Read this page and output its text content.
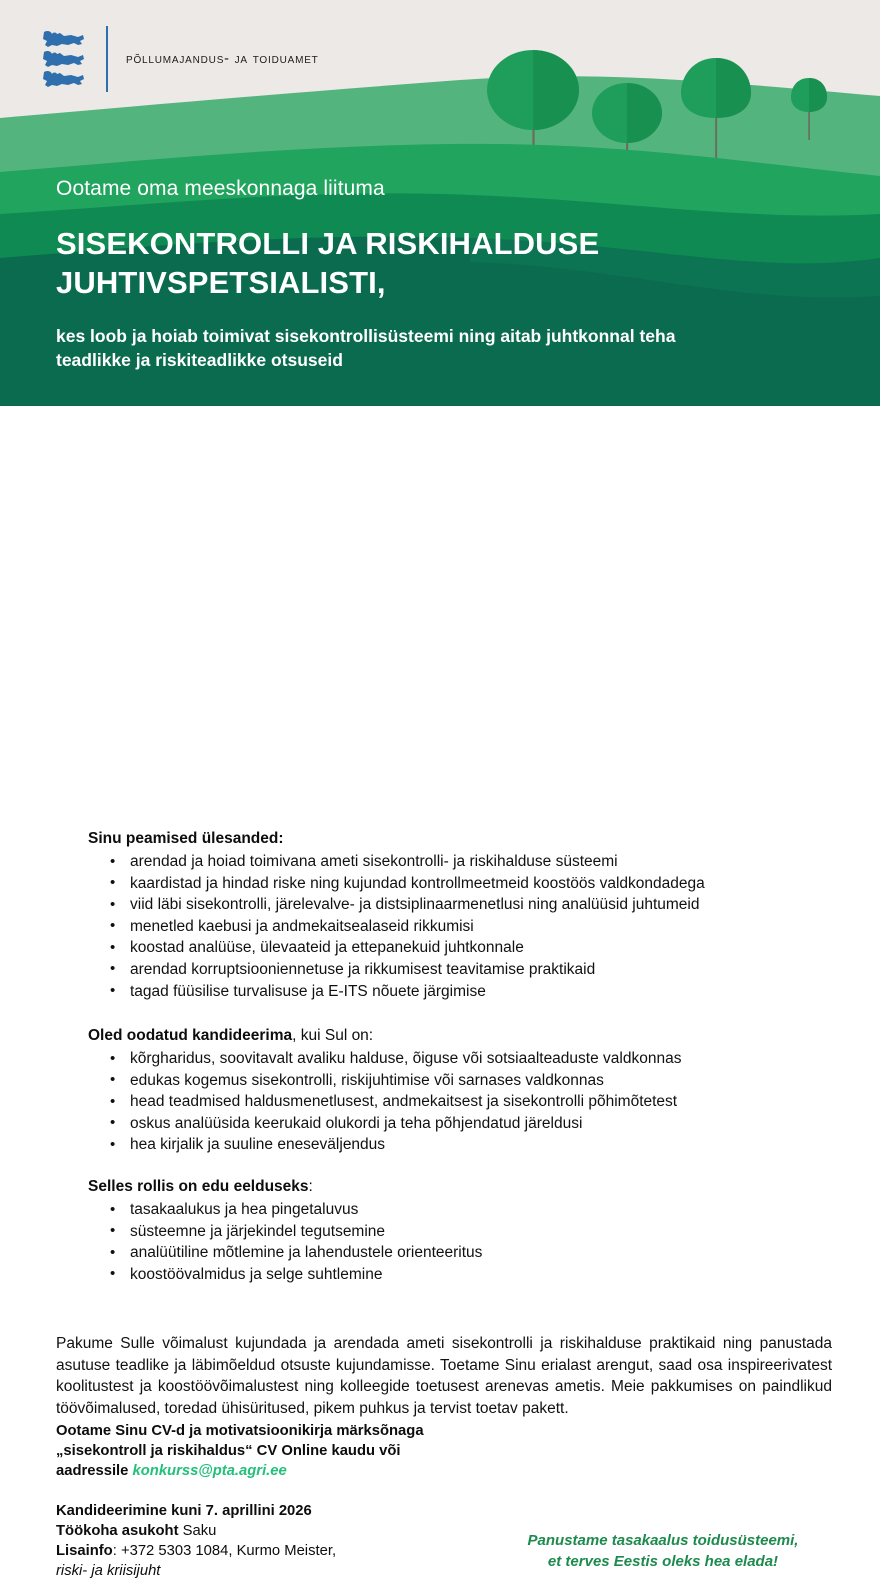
põllumajandus- ja toiduamet
Ootame oma meeskonnaga liituma
SISEKONTROLLI JA RISKIHALDUSE
JUHTIVSPETSIALISTI,
kes loob ja hoiab toimivat sisekontrollisüsteemi ning aitab juhtkonnal teha
teadlikke ja riskiteadlikke otsuseid
Sinu peamised ülesanded:
• arendad ja hoiad toimivana ameti sisekontrolli- ja riskihalduse süsteemi
• kaardistad ja hindad riske ning kujundad kontrollmeetmeid koostöös valdkondadega
• viid läbi sisekontrolli, järelevalve- ja distsiplinaarmenetlusi ning analüüsid juhtumeid
• menetled kaebusi ja andmekaitsealaseid rikkumisi
• koostad analüüse, ülevaateid ja ettepanekuid juhtkonnale
• arendad korruptsiooniennetuse ja rikkumisest teavitamise praktikaid
• tagad füüsilise turvalisuse ja E-ITS nõuete järgimise
Oled oodatud kandideerima, kui Sul on:
• kõrgharidus, soovitavalt avaliku halduse, õiguse või sotsiaalteaduste valdkonnas
• edukas kogemus sisekontrolli, riskijuhtimise või sarnases valdkonnas
• head teadmised haldusmenetlusest, andmekaitsest ja sisekontrolli põhimõtetest
• oskus analüüsida keerukaid olukordi ja teha põhjendatud järeldusi
• hea kirjalik ja suuline eneseväljendus
Selles rollis on edu eelduseks:
• tasakaalukus ja hea pingetaluvus
• süsteemne ja järjekindel tegutsemine
• analüütiline mõtlemine ja lahendustele orienteeritus
• koostöövalmidus ja selge suhtlemine
Pakume Sulle võimalust kujundada ja arendada ameti sisekontrolli ja riskihalduse praktikaid ning panustada asutuse teadlike ja läbimõeldud otsuste kujundamisse. Toetame Sinu erialast arengut, saad osa inspireerivatest koolitustest ja koostöövõimalustest ning kolleegide toetusest arenevas ametis. Meie pakkumises on paindlikud töövõimalused, toredad ühisüritused, pikem puhkus ja tervist toetav pakett.
Ootame Sinu CV-d ja motivatsioonikirja märksõnaga
„sisekontroll ja riskihaldus“ CV Online kaudu või
aadressile konkurss@pta.agri.ee
Kandideerimine kuni 7. aprillini 2026
Töökoha asukoht Saku
Lisainfo: +372 5303 1084, Kurmo Meister,
riski- ja kriisijuht
Panustame tasakaalus toidusüsteemi,
et terves Eestis oleks hea elada!
